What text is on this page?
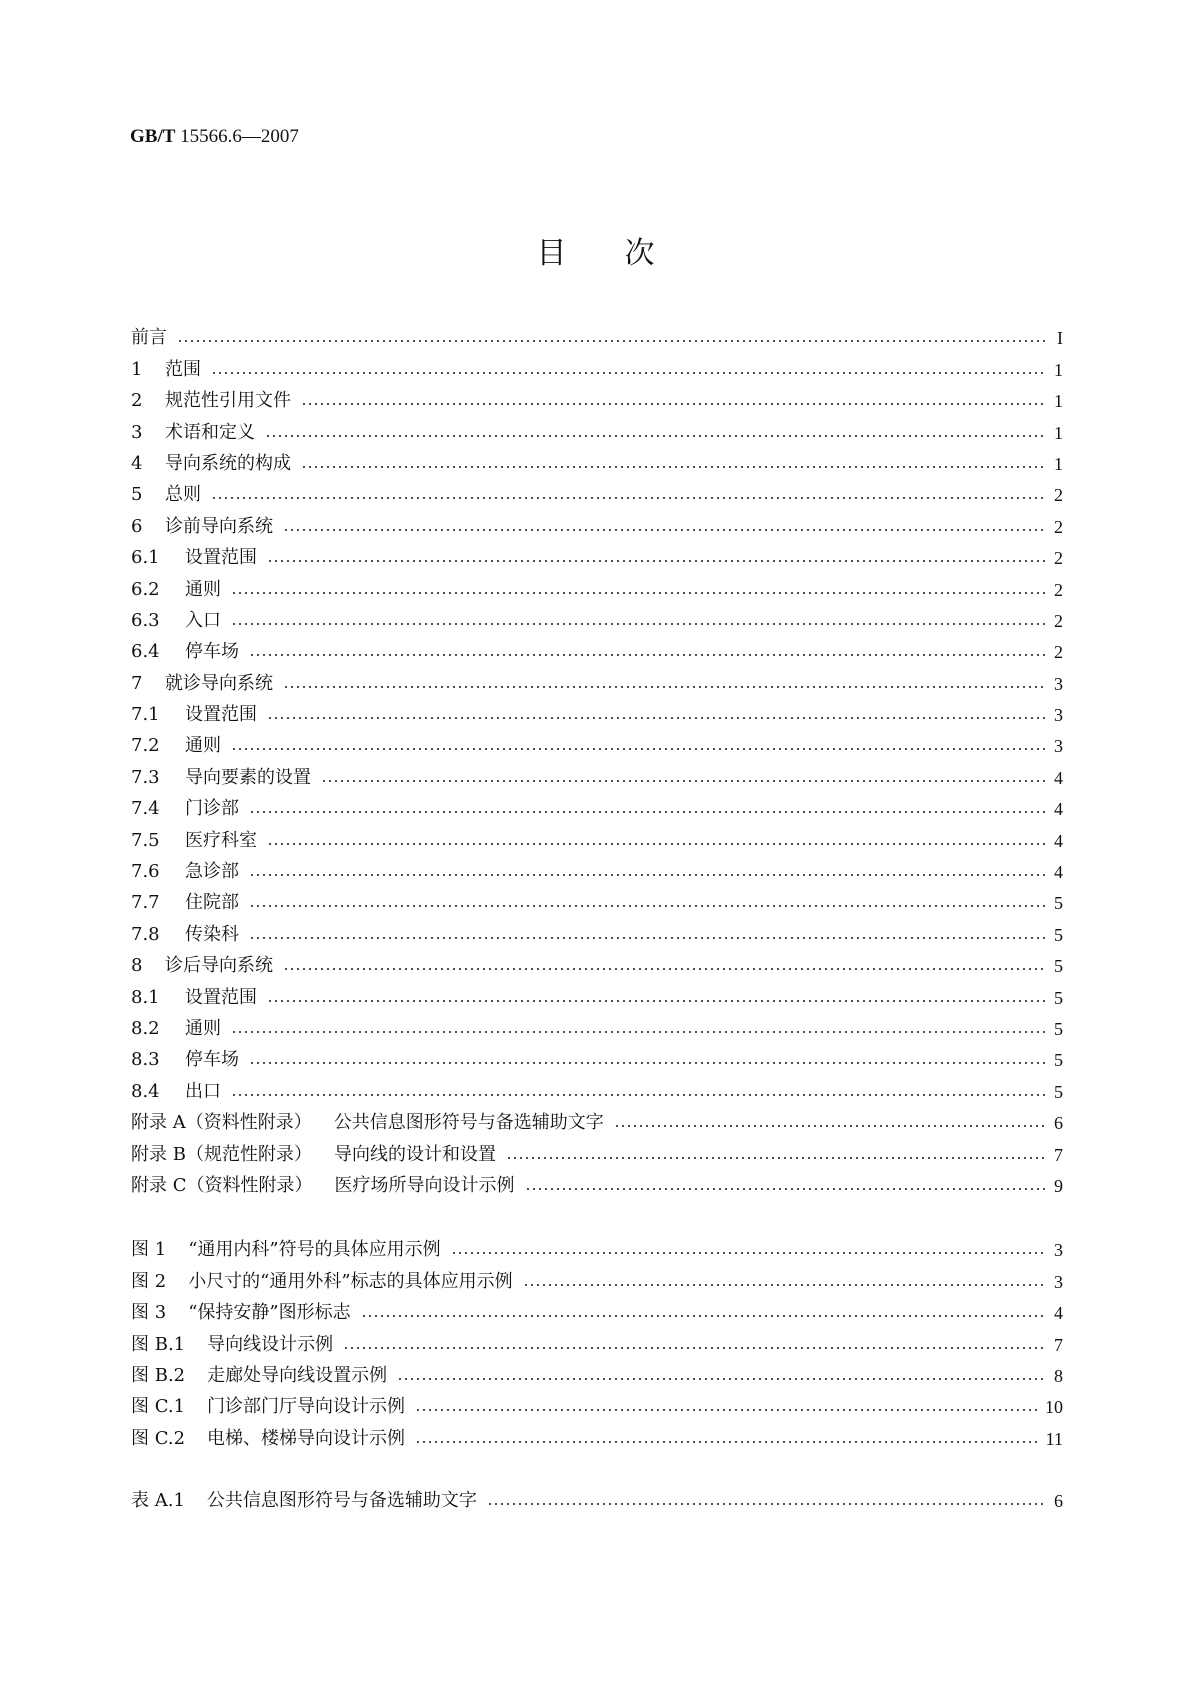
GB/T 15566.6—2007
目次
前言	I
1	范围	1
2	规范性引用文件	1
3	术语和定义	1
4	导向系统的构成	1
5	总则	2
6	诊前导向系统	2
6.1	设置范围	2
6.2	通则	2
6.3	入口	2
6.4	停车场	2
7	就诊导向系统	3
7.1	设置范围	3
7.2	通则	3
7.3	导向要素的设置	4
7.4	门诊部	4
7.5	医疗科室	4
7.6	急诊部	4
7.7	住院部	5
7.8	传染科	5
8	诊后导向系统	5
8.1	设置范围	5
8.2	通则	5
8.3	停车场	5
8.4	出口	5
附录 A（资料性附录） 公共信息图形符号与备选辅助文字	6
附录 B（规范性附录） 导向线的设计和设置	7
附录 C（资料性附录） 医疗场所导向设计示例	9
图 1 “通用内科”符号的具体应用示例	3
图 2 小尺寸的“通用外科”标志的具体应用示例	3
图 3 “保持安静”图形标志	4
图 B.1 导向线设计示例	7
图 B.2 走廊处导向线设置示例	8
图 C.1 门诊部门厅导向设计示例	10
图 C.2 电梯、楼梯导向设计示例	11
表 A.1 公共信息图形符号与备选辅助文字	6
